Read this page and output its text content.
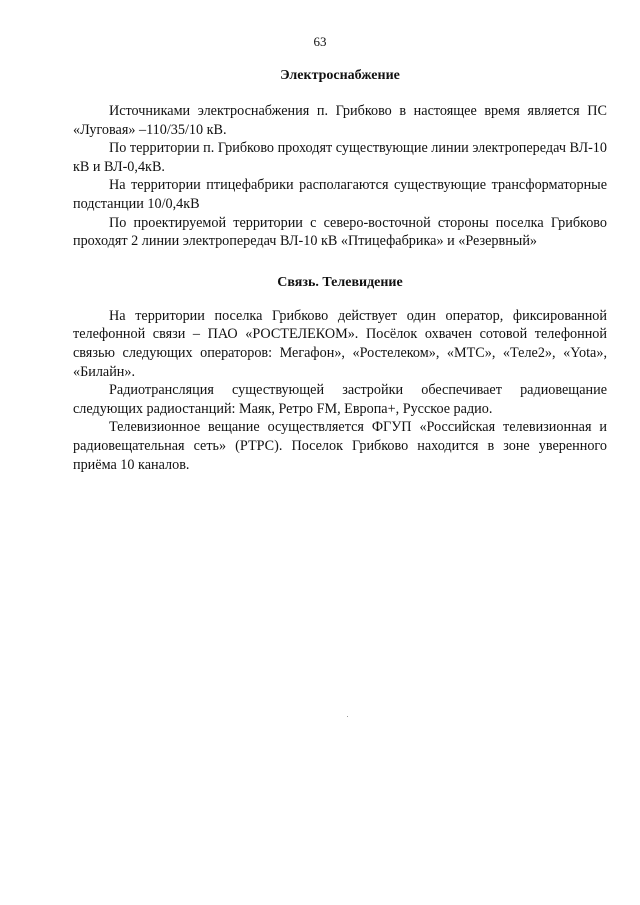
63
Электроснабжение

Источниками электроснабжения п. Грибково в настоящее время является ПС «Луговая» –110/35/10 кВ.

По территории п. Грибково проходят существующие линии электропередач ВЛ-10 кВ и ВЛ-0,4кВ.

На территории птицефабрики располагаются существующие трансформаторные подстанции 10/0,4кВ

По проектируемой территории с северо-восточной стороны поселка Грибково проходят 2 линии электропередач ВЛ-10 кВ «Птицефабрика» и «Резервный»

Связь. Телевидение

На территории поселка Грибково действует один оператор, фиксированной телефонной связи – ПАО «РОСТЕЛЕКОМ». Посёлок охвачен сотовой телефонной связью следующих операторов: Мегафон», «Ростелеком», «МТС», «Теле2», «Yota», «Билайн».

Радиотрансляция существующей застройки обеспечивает радиовещание следующих радиостанций: Маяк, Ретро FM, Европа+, Русское радио.

Телевизионное вещание осуществляется ФГУП «Российская телевизионная и радиовещательная сеть» (РТРС). Поселок Грибково находится в зоне уверенного приёма 10 каналов.
